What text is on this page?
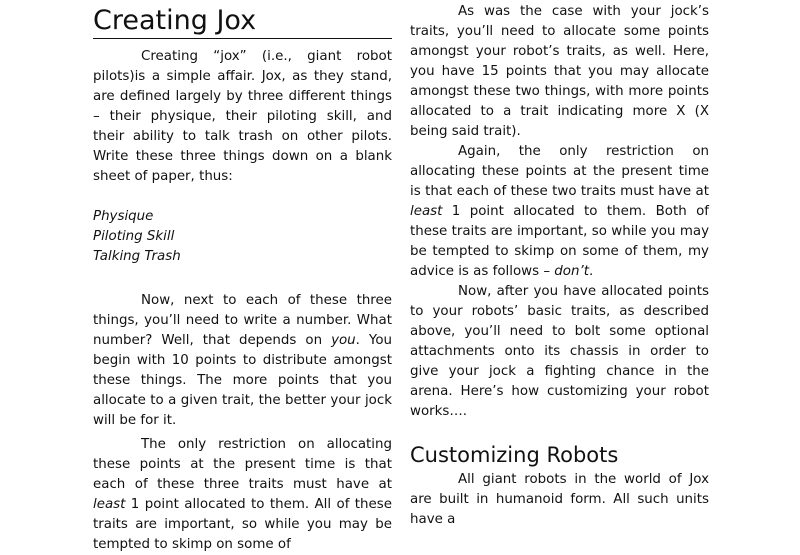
Creating Jox

Creating “jox” (i.e., giant robot pilots)is a simple affair. Jox, as they stand, are defined largely by three different things – their physique, their piloting skill, and their ability to talk trash on other pilots. Write these three things down on a blank sheet of paper, thus:

Physique
Piloting Skill
Talking Trash

Now, next to each of these three things, you’ll need to write a number. What number? Well, that depends on you. You begin with 10 points to distribute amongst these things. The more points that you allocate to a given trait, the better your jock will be for it.

The only restriction on allocating these points at the present time is that each of these three traits must have at least 1 point allocated to them. All of these traits are important, so while you may be tempted to skimp on some of

As was the case with your jock’s traits, you’ll need to allocate some points amongst your robot’s traits, as well. Here, you have 15 points that you may allocate amongst these two things, with more points allocated to a trait indicating more X (X being said trait).

Again, the only restriction on allocating these points at the present time is that each of these two traits must have at least 1 point allocated to them. Both of these traits are important, so while you may be tempted to skimp on some of them, my advice is as follows – don’t.

Now, after you have allocated points to your robots’ basic traits, as described above, you’ll need to bolt some optional attachments onto its chassis in order to give your jock a fighting chance in the arena. Here’s how customizing your robot works….

Customizing Robots

All giant robots in the world of Jox are built in humanoid form. All such units have a
